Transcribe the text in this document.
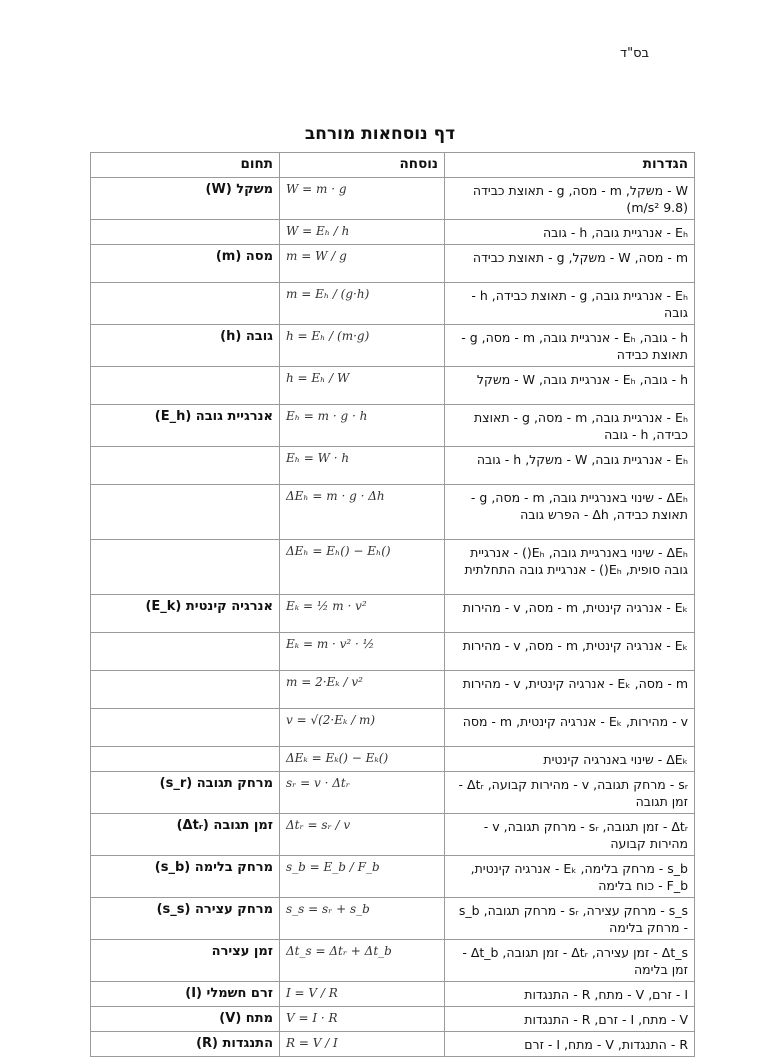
בס"ד
דף נוסחאות מורחב
הגדרות	נוסחה	תחום
W - משקל, m - מסה, g - תאוצת כבידה (9.8 m/s²)	W = m · g	משקל (W)
Eₕ - אנרגיית גובה, h - גובה	W = Eₕ / h	
m - מסה, W - משקל, g - תאוצת כבידה	m = W / g	מסה (m)
Eₕ - אנרגיית גובה, g - תאוצת כבידה, h - גובה	m = Eₕ / (g·h)	
h - גובה, Eₕ - אנרגיית גובה, m - מסה, g - תאוצת כבידה	h = Eₕ / (m·g)	גובה (h)
h - גובה, Eₕ - אנרגיית גובה, W - משקל	h = Eₕ / W	
Eₕ - אנרגיית גובה, m - מסה, g - תאוצת כבידה, h - גובה	Eₕ = m · g · h	אנרגיית גובה (E_h)
Eₕ - אנרגיית גובה, W - משקל, h - גובה	Eₕ = W · h	
ΔEₕ - שינוי באנרגיית גובה, m - מסה, g - תאוצת כבידה, Δh - הפרש גובה	ΔEₕ = m · g · Δh	
ΔEₕ - שינוי באנרגיית גובה, Eₕ() - אנרגיית גובה סופית, Eₕ() - אנרגיית גובה התחלתית	ΔEₕ = Eₕ() − Eₕ()	
Eₖ - אנרגיה קינטית, m - מסה, v - מהירות	Eₖ = ½ m · v²	אנרגיה קינטית (E_k)
Eₖ - אנרגיה קינטית, m - מסה, v - מהירות	Eₖ = m · v² · ½	
m - מסה, Eₖ - אנרגיה קינטית, v - מהירות	m = 2·Eₖ / v²	
v - מהירות, Eₖ - אנרגיה קינטית, m - מסה	v = √(2·Eₖ / m)	
ΔEₖ - שינוי באנרגיה קינטית	ΔEₖ = Eₖ() − Eₖ()	
sᵣ - מרחק תגובה, v - מהירות קבועה, Δtᵣ - זמן תגובה	sᵣ = v · Δtᵣ	מרחק תגובה (s_r)
Δtᵣ - זמן תגובה, sᵣ - מרחק תגובה, v - מהירות קבועה	Δtᵣ = sᵣ / v	זמן תגובה (Δtᵣ)
s_b - מרחק בלימה, Eₖ - אנרגיה קינטית, F_b - כוח בלימה	s_b = E_b / F_b	מרחק בלימה (s_b)
s_s - מרחק עצירה, sᵣ - מרחק תגובה, s_b - מרחק בלימה	s_s = sᵣ + s_b	מרחק עצירה (s_s)
Δt_s - זמן עצירה, Δtᵣ - זמן תגובה, Δt_b - זמן בלימה	Δt_s = Δtᵣ + Δt_b	זמן עצירה
I - זרם, V - מתח, R - התנגדות	I = V / R	זרם חשמלי (I)
V - מתח, I - זרם, R - התנגדות	V = I · R	מתח (V)
R - התנגדות, V - מתח, I - זרם	R = V / I	התנגדות (R)
